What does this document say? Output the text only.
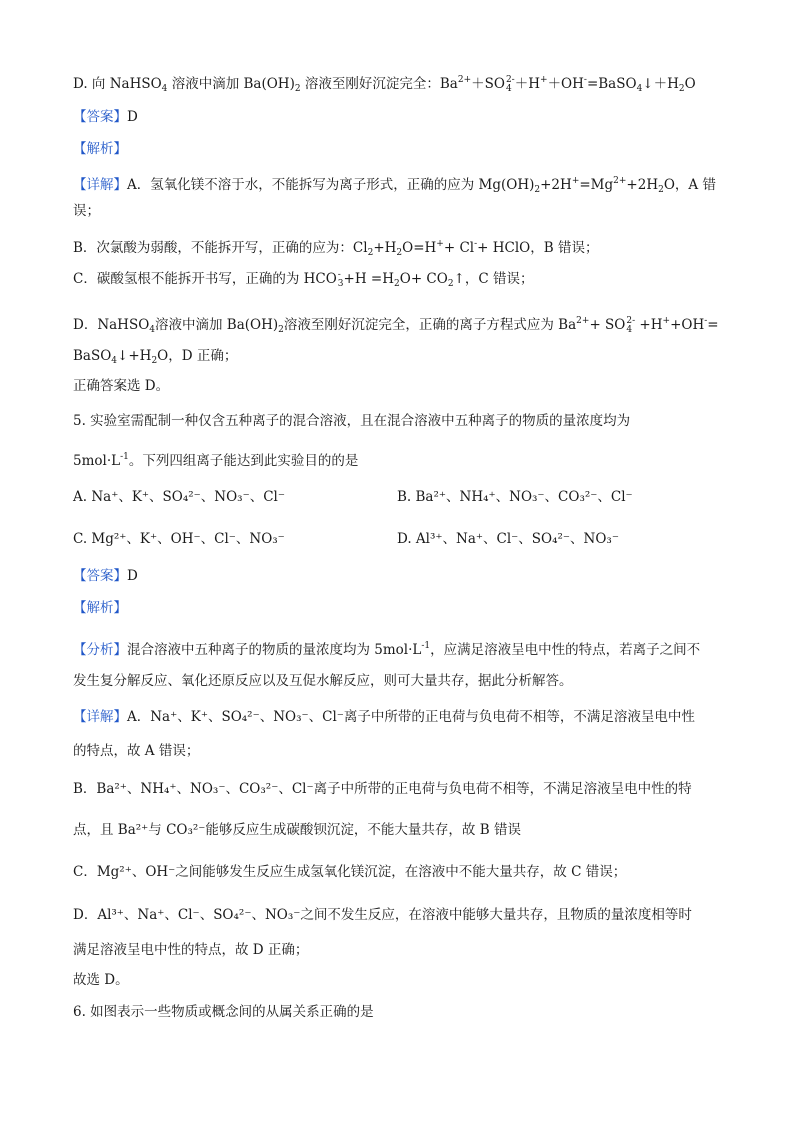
D. 向 NaHSO$_4$ 溶液中滴加 $Ba(OH)_2$ 溶液至刚好沉淀完全：$Ba^{2+}+SO$ 2-
$4 +H^++OH^-=BaSO_4↓+H_2O$
【答案】D
【解析】
【详解】A．氢氧化镁不溶于水，不能拆写为离子形式，正确的应为 $Mg(OH)_2+2H^+=Mg^{2+}+2H_2O$，A 错
误；
B．次氯酸为弱酸，不能拆开写，正确的应为：$Cl_2+H_2O=H^++ Cl^-+$ HClO，B 错误；
C．碳酸氢根不能拆开书写，正确的为 HCO -
$3 +H =H_2O+$ $CO_2↑$，C 错误；
D．NaHSO$_4$溶液中滴加 $Ba(OH)_2$溶液至刚好沉淀完全，正确的离子方程式应为 $Ba^{2+}+$ SO 2-
4 +H++OH-=
$BaSO_4↓+H_2O$，D 正确；
正确答案选 D。
5. 实验室需配制一种仅含五种离子的混合溶液，且在混合溶液中五种离子的物质的量浓度均为
$5mol\cdot L^{-1}$。下列四组离子能达到此实验目的的是
A. Na⁺、K⁺、SO₄²⁻、NO₃⁻、Cl⁻	B. Ba²⁺、NH₄⁺、NO₃⁻、CO₃²⁻、Cl⁻
C. Mg²⁺、K⁺、OH⁻、Cl⁻、NO₃⁻	D. Al³⁺、Na⁺、Cl⁻、SO₄²⁻、NO₃⁻
【答案】D
【解析】
【分析】混合溶液中五种离子的物质的量浓度均为 $5mol\cdot L^{-1}$，应满足溶液呈电中性的特点，若离子之间不
发生复分解反应、氧化还原反应以及互促水解反应，则可大量共存，据此分析解答。
【详解】A．Na⁺、K⁺、SO₄²⁻、NO₃⁻、Cl⁻离子中所带的正电荷与负电荷不相等，不满足溶液呈电中性
的特点，故 A 错误；
B．Ba²⁺、NH₄⁺、NO₃⁻、CO₃²⁻、Cl⁻离子中所带的正电荷与负电荷不相等，不满足溶液呈电中性的特
点，且 Ba²⁺与 CO₃²⁻能够反应生成碳酸钡沉淀，不能大量共存，故 B 错误
C．Mg²⁺、OH⁻之间能够发生反应生成氢氧化镁沉淀，在溶液中不能大量共存，故 C 错误；
D．Al³⁺、Na⁺、Cl⁻、SO₄²⁻、NO₃⁻之间不发生反应，在溶液中能够大量共存，且物质的量浓度相等时
满足溶液呈电中性的特点，故 D 正确；
故选 D。
6. 如图表示一些物质或概念间的从属关系正确的是
